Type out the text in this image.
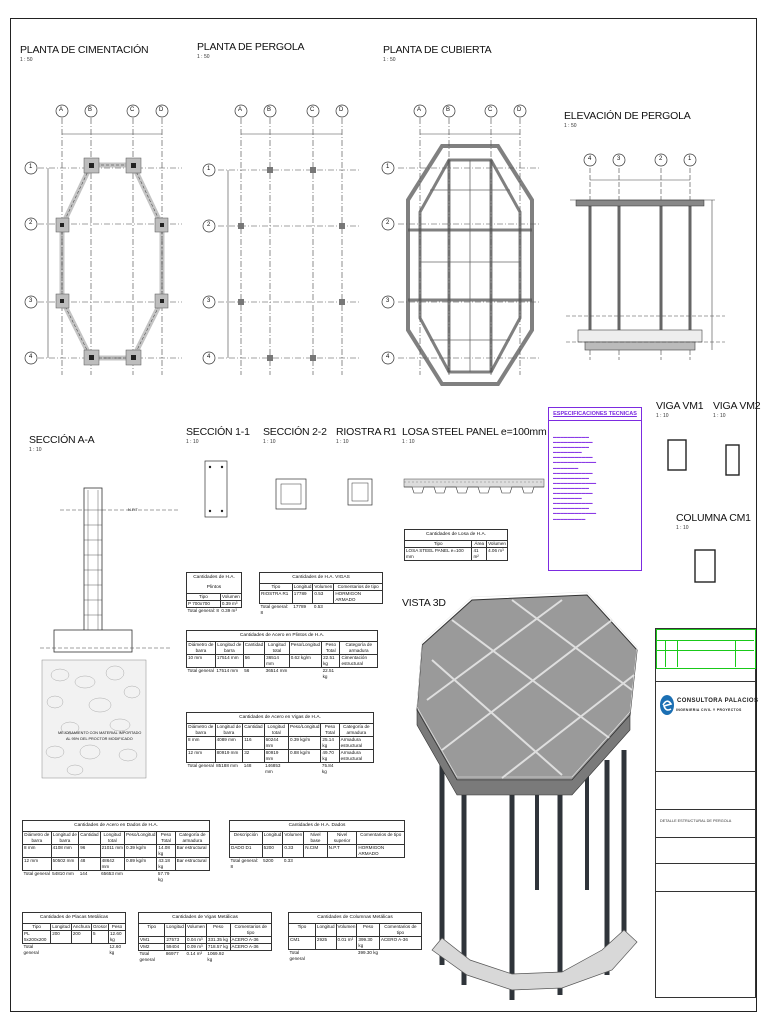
PLANTA DE CIMENTACIÓN
1 : 50
PLANTA DE PERGOLA
1 : 50
PLANTA DE CUBIERTA
1 : 50
ELEVACIÓN DE PERGOLA
1 : 50
A	B	C	D
1
2
3
4
A	B	C	D
1
2
3
4
A	B	C	D
1
2
3
4
4	3	2	1
SECCIÓN A-A
1 : 10
N.P.T
MEJORAMIENTO CON MATERIAL IMPORTADO
AL 95% DEL PROCTOR MODIFICADO
SECCIÓN 1-1
1 : 10
SECCIÓN 2-2
1 : 10
RIOSTRA R1
1 : 10
LOSA STEEL PANEL e=100mm
1 : 10
ESPECIFICACIONES TECNICAS
▬▬▬▬▬▬▬▬▬▬
▬▬▬▬▬▬▬▬▬▬▬
▬▬▬▬▬▬▬▬▬▬
▬▬▬▬▬▬▬▬
▬▬▬▬▬▬▬▬▬▬▬
▬▬▬▬▬▬▬▬▬▬▬▬
▬▬▬▬▬▬▬
▬▬▬▬▬▬▬▬▬▬▬
▬▬▬▬▬▬▬▬▬▬
▬▬▬▬▬▬▬▬▬▬▬▬
▬▬▬▬▬▬▬▬▬▬
▬▬▬▬▬▬▬▬▬▬▬
▬▬▬▬▬▬▬▬
▬▬▬▬▬▬▬▬▬▬▬
▬▬▬▬▬▬▬▬▬▬
▬▬▬▬▬▬▬▬▬▬▬▬
▬▬▬▬▬▬▬▬▬
VIGA VM1
1 : 10
VIGA VM2
1 : 10
COLUMNA CM1
1 : 10
VISTA 3D
Cantidades de H.A. Plintos
Tipo	Volumen
P 700x700	0.39 m³
Total general: 8	0.39 m³
Cantidades de H.A. VIGAS
Tipo	Longitud	Volumen	Comentarios de tipo
RIOSTRA R1	17789	0.53	HORMIGON ARMADO
Total general: 8	17789	0.53	
Cantidades de Acero en Plintos de H.A.
Diámetro de barra	Longitud de barra	Cantidad	Longitud total	Peso/Longitud	Peso Total	Categoría de armadura
10 mm	17514 mm	56	36514 mm	0.62 kg/m	22.51 kg	Cimentación estructural
Total general	17514 mm	56	36514 mm		22.51 kg	
Cantidades de Acero en Vigas de H.A.
Diámetro de barra	Longitud de barra	Cantidad	Longitud total	Peso/Longitud	Peso Total	Categoría de armadura
8 mm	4089 mm	116	60244 mm	0.39 kg/m	25.14 kg	Armadura estructural
12 mm	80919 mm	32	80919 mm	0.88 kg/m	49.70 kg	Armadura estructural
Total general	85188 mm	148	146853 mm		75.84 kg	
Cantidades de Losa de H.A.
Tipo	Área	Volumen
LOSA STEEL PANEL e=100 mm	41 m²	4.06 m³
Cantidades de Acero en Dados de H.A.
Diámetro de barra	Longitud de barra	Cantidad	Longitud total	Peso/Longitud	Peso Total	Categoría de armadura
8 mm	4108 mm	96	21011 mm	0.39 kg/m	14.08 kg	Bar estructural
12 mm	50502 mm	48	48642 mm	0.89 kg/m	43.18 kg	Bar estructural
Total general	54810 mm	144	65653 mm		57.79 kg	
Cantidades de H.A. Dados
Descripción	Longitud	Volumen	Nivel base	Nivel superior	Comentarios de tipo
DADO D1	5200	0.33	N.CIM	N.P.T	HORMIGON ARMADO
Total general: 8	5200	0.33			
Cantidades de Placas Metálicas
Tipo	Longitud	Anchura	Grosor	Peso
PL 5x200x200	200	200	5	12.60 kg
Total general				12.60 kg
Cantidades de Vigas Metálicas
Tipo	Longitud	Volumen	Peso	Comentarios de tipo
VM1	27573	0.04 m³	331.35 kg	ACERO A-36
VM2	59404	0.09 m³	718.57 kg	ACERO A-36
Total general	86977	0.14 m³	1069.92 kg	
Cantidades de Columnas Metálicas
Tipo	Longitud	Volumen	Peso	Comentarios de tipo
CM1	2925	0.01 m³	399.30 kg	ACERO A-36
Total general			399.30 kg	
CONSULTORA PALACIOS
INGENIERIA CIVIL Y PROYECTOS
DETALLE ESTRUCTURAL DE PERGOLA
